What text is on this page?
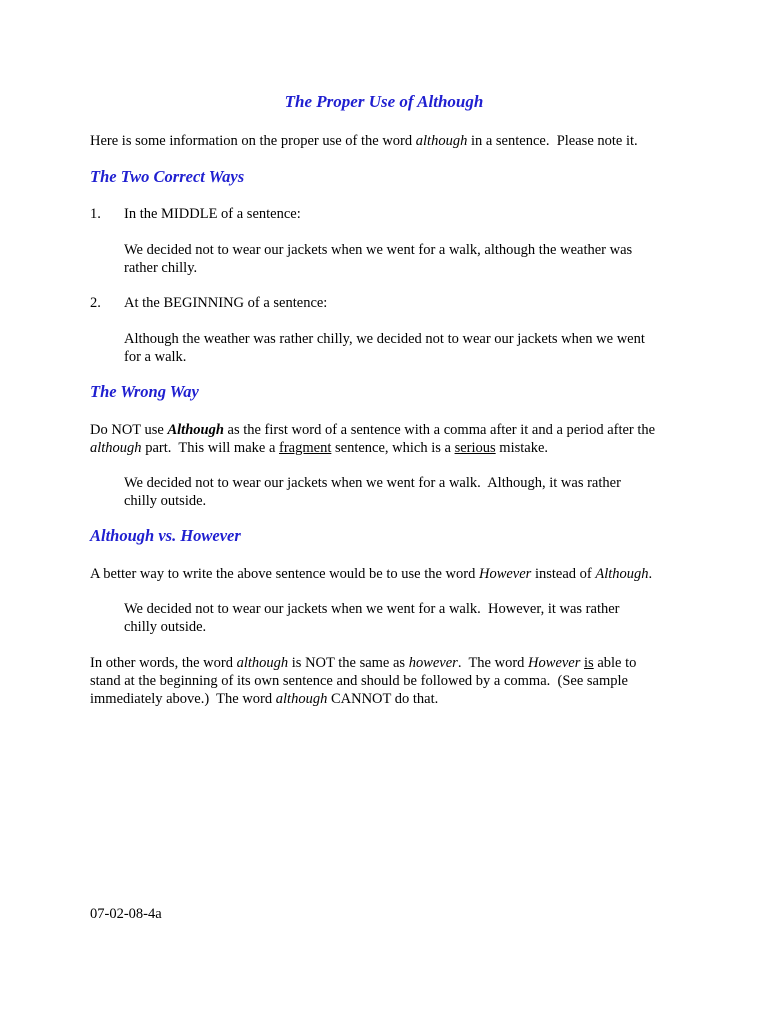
The Proper Use of Although

Here is some information on the proper use of the word although in a sentence.  Please note it.

The Two Correct Ways

1. In the MIDDLE of a sentence:

We decided not to wear our jackets when we went for a walk, although the weather was
rather chilly.

2. At the BEGINNING of a sentence:

Although the weather was rather chilly, we decided not to wear our jackets when we went
for a walk.
The Wrong Way
Do NOT use Although as the first word of a sentence with a comma after it and a period after the
although part.  This will make a fragment sentence, which is a serious mistake.
We decided not to wear our jackets when we went for a walk.  Although, it was rather
chilly outside.
Although vs. However

A better way to write the above sentence would be to use the word However instead of Although.

We decided not to wear our jackets when we went for a walk.  However, it was rather
chilly outside.
In other words, the word although is NOT the same as however.  The word However is able to
stand at the beginning of its own sentence and should be followed by a comma.  (See sample
immediately above.)  The word although CANNOT do that.

07-02-08-4a
